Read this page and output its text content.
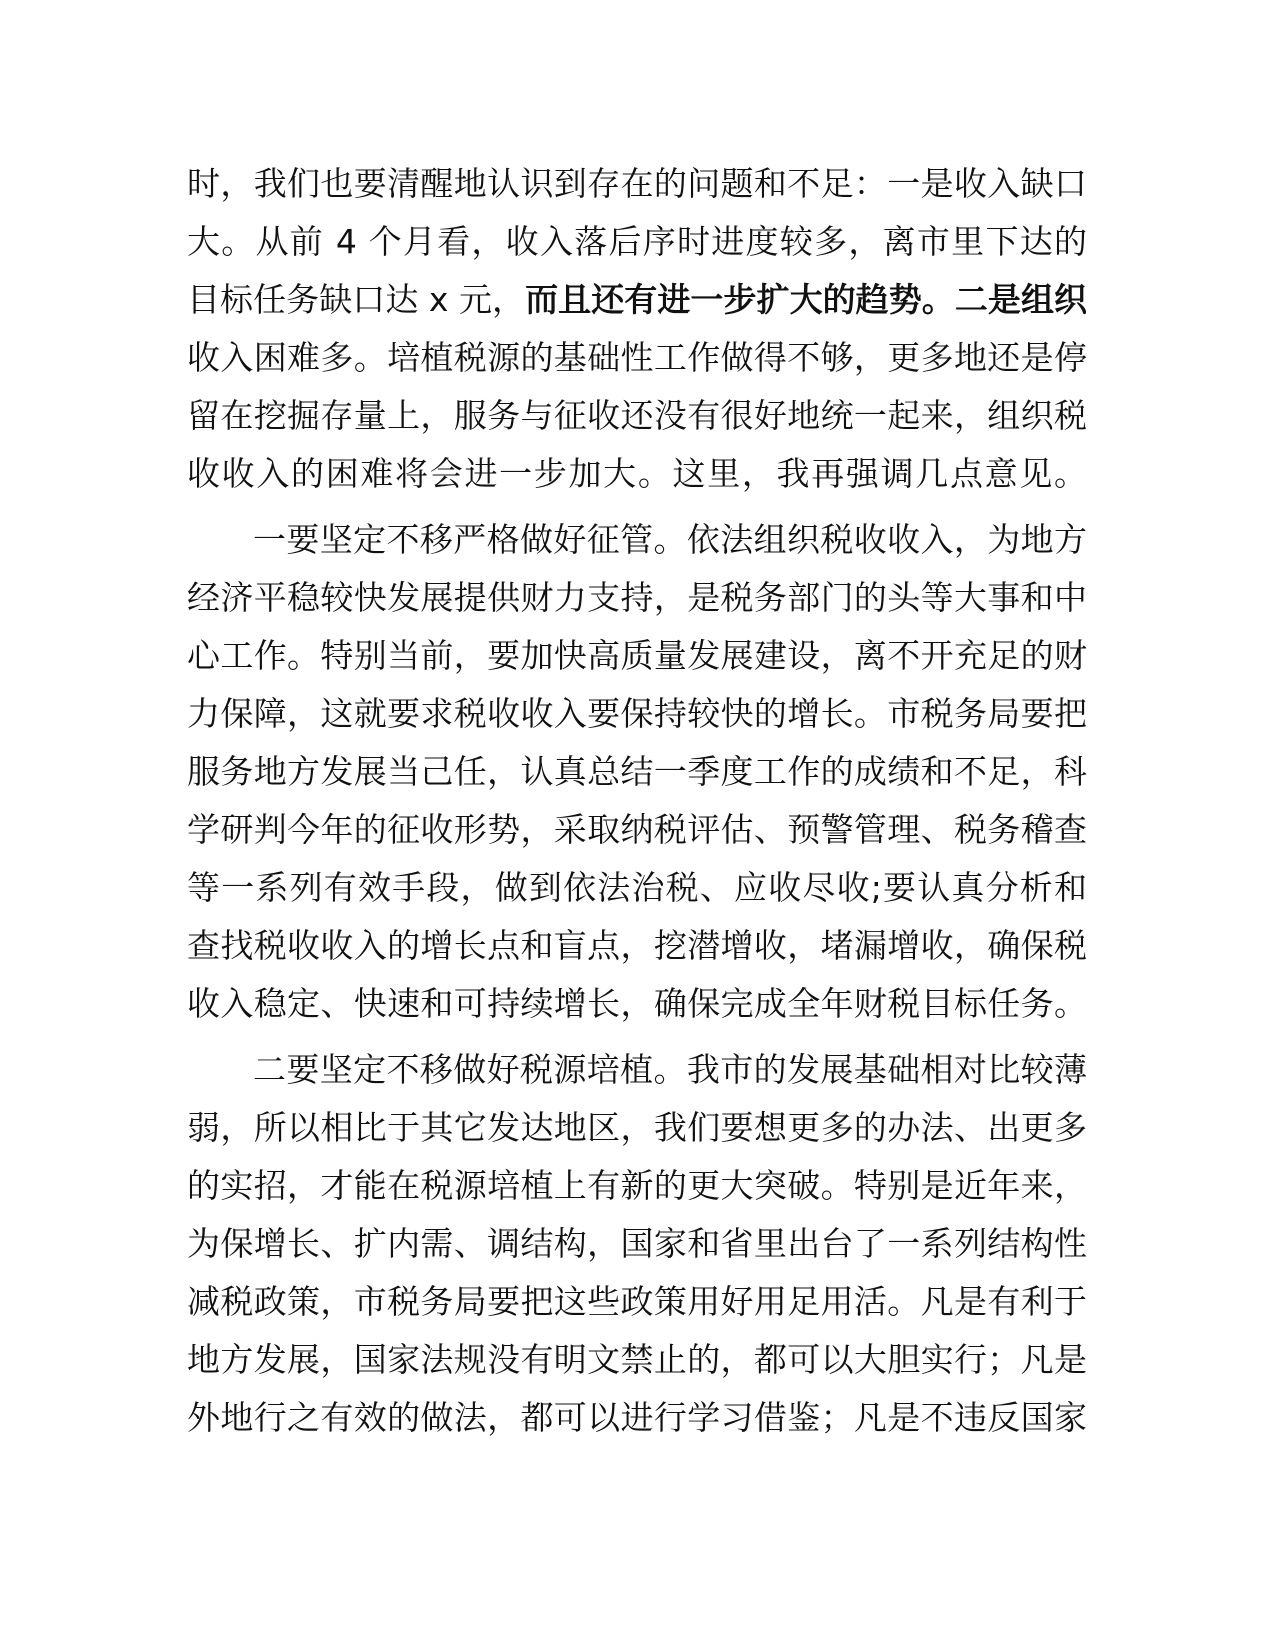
时，我们也要清醒地认识到存在的问题和不足：一是收入缺口
大。从前 4 个月看，收入落后序时进度较多，离市里下达的
目标任务缺口达 x 元，而且还有进一步扩大的趋势。二是组织
收入困难多。培植税源的基础性工作做得不够，更多地还是停
留在挖掘存量上，服务与征收还没有很好地统一起来，组织税
收收入的困难将会进一步加大。这里，我再强调几点意见。
一要坚定不移严格做好征管。依法组织税收收入，为地方
经济平稳较快发展提供财力支持，是税务部门的头等大事和中
心工作。特别当前，要加快高质量发展建设，离不开充足的财
力保障，这就要求税收收入要保持较快的增长。市税务局要把
服务地方发展当己任，认真总结一季度工作的成绩和不足，科
学研判今年的征收形势，采取纳税评估、预警管理、税务稽查
等一系列有效手段，做到依法治税、应收尽收;要认真分析和
查找税收收入的增长点和盲点，挖潜增收，堵漏增收，确保税
收入稳定、快速和可持续增长，确保完成全年财税目标任务。
二要坚定不移做好税源培植。我市的发展基础相对比较薄
弱，所以相比于其它发达地区，我们要想更多的办法、出更多
的实招，才能在税源培植上有新的更大突破。特别是近年来，
为保增长、扩内需、调结构，国家和省里出台了一系列结构性
减税政策，市税务局要把这些政策用好用足用活。凡是有利于
地方发展，国家法规没有明文禁止的，都可以大胆实行；凡是
外地行之有效的做法，都可以进行学习借鉴；凡是不违反国家
